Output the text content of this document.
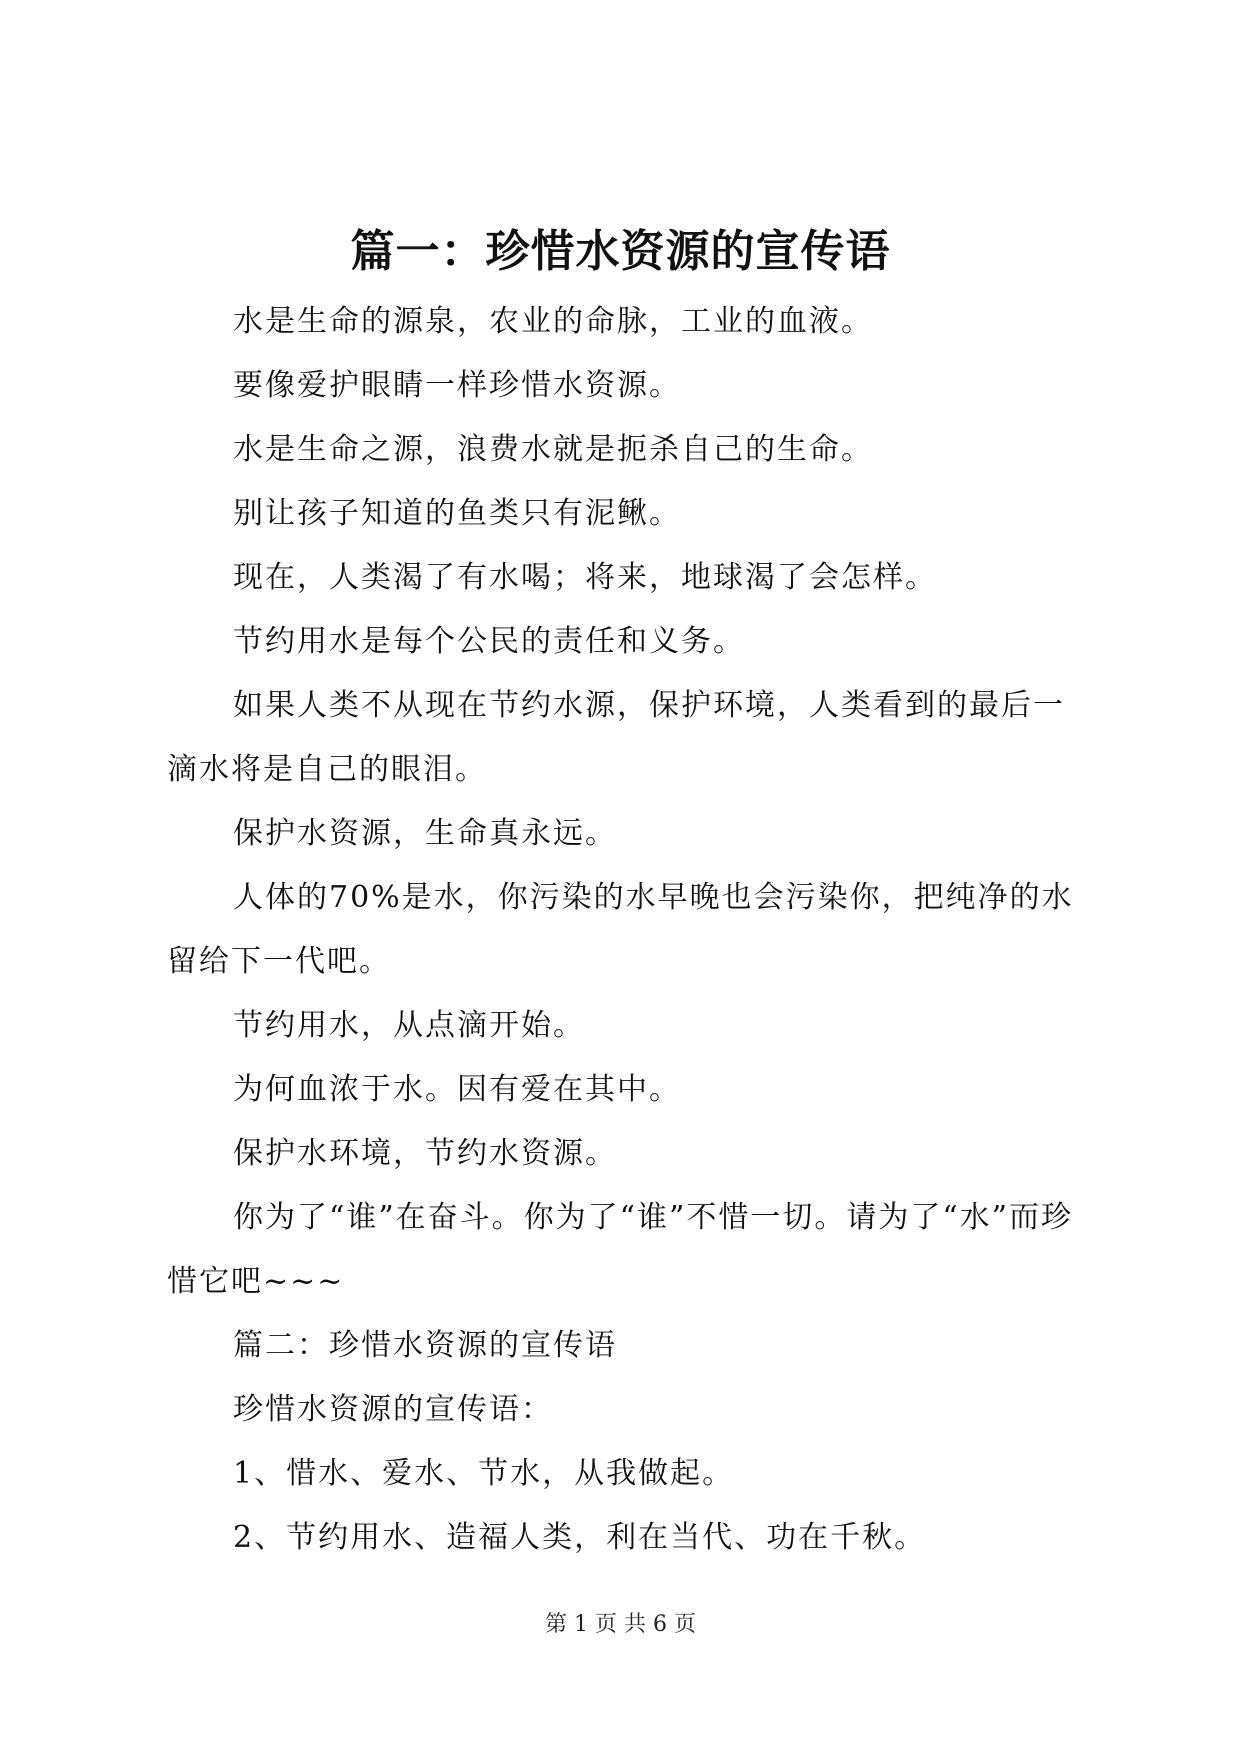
篇一：珍惜水资源的宣传语

水是生命的源泉，农业的命脉，工业的血液。

要像爱护眼睛一样珍惜水资源。

水是生命之源，浪费水就是扼杀自己的生命。

别让孩子知道的鱼类只有泥鳅。

现在，人类渴了有水喝；将来，地球渴了会怎样。

节约用水是每个公民的责任和义务。

如果人类不从现在节约水源，保护环境，人类看到的最后一滴水将是自己的眼泪。

保护水资源，生命真永远。

人体的70%是水，你污染的水早晚也会污染你，把纯净的水留给下一代吧。

节约用水，从点滴开始。

为何血浓于水。因有爱在其中。

保护水环境，节约水资源。

你为了“谁”在奋斗。你为了“谁”不惜一切。请为了“水”而珍惜它吧~~~

篇二：珍惜水资源的宣传语

珍惜水资源的宣传语：

1、惜水、爱水、节水，从我做起。

2、节约用水、造福人类，利在当代、功在千秋。

第 1 页 共 6 页
